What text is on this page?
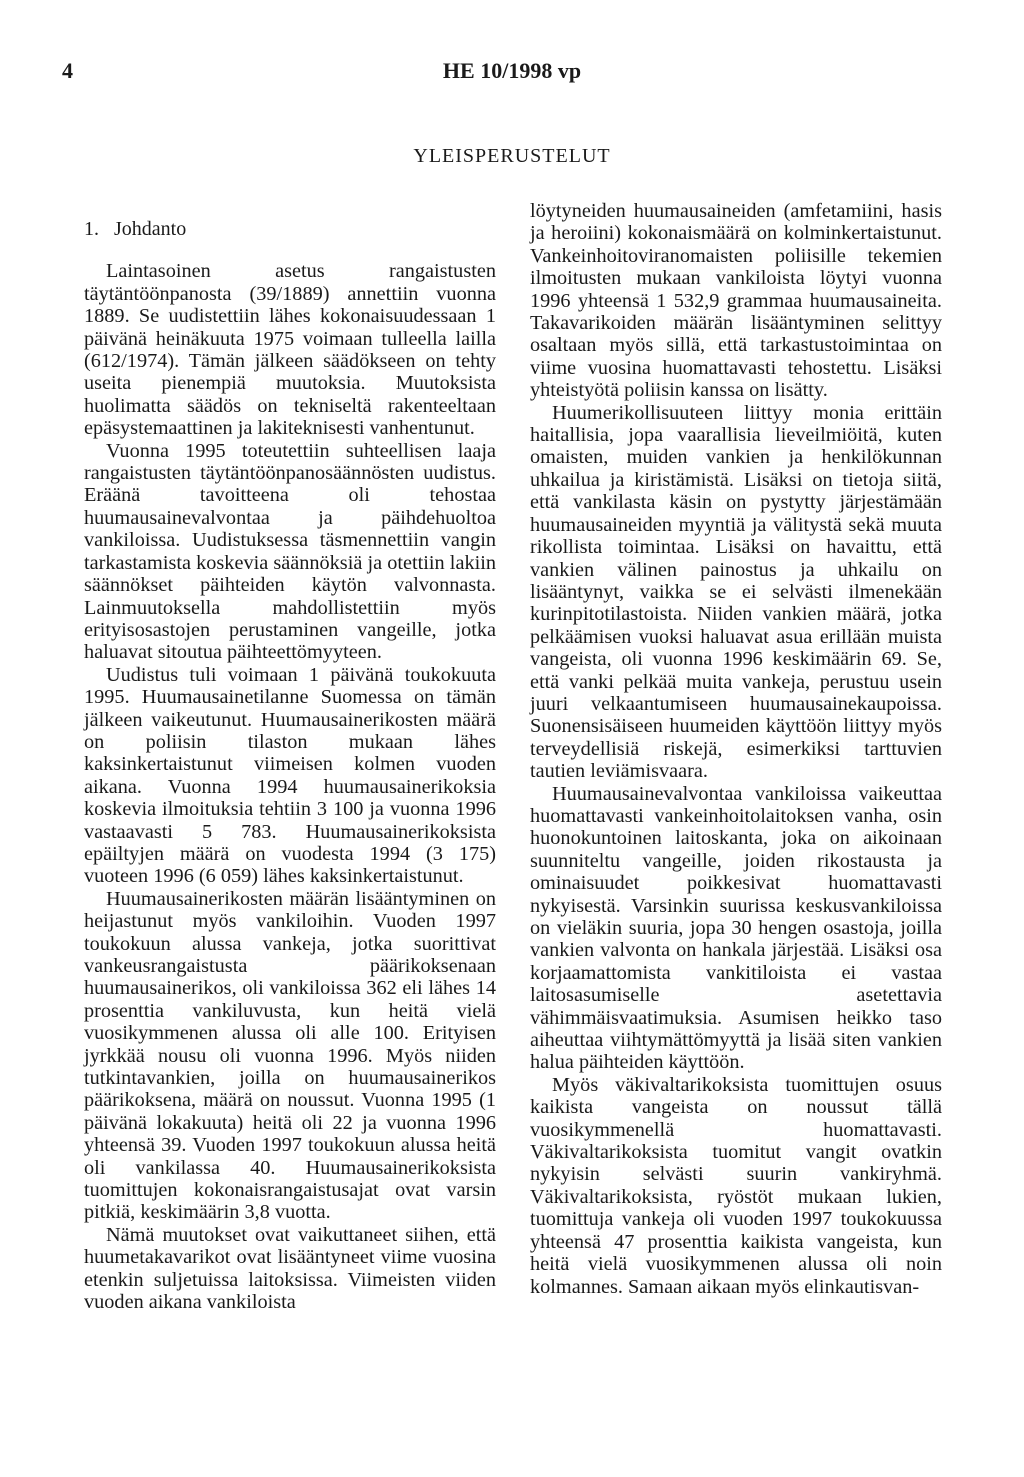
4	HE 10/1998 vp
YLEISPERUSTELUT
1. Johdanto

Laintasoinen asetus rangaistusten täytäntöönpanosta (39/1889) annettiin vuonna 1889. Se uudistettiin lähes kokonaisuudessaan 1 päivänä heinäkuuta 1975 voimaan tulleella lailla (612/1974). Tämän jälkeen säädökseen on tehty useita pienempiä muutoksia. Muutoksista huolimatta säädös on tekniseltä rakenteeltaan epäsystemaattinen ja lakiteknisesti vanhentunut.

Vuonna 1995 toteutettiin suhteellisen laaja rangaistusten täytäntöönpanosäännösten uudistus. Eräänä tavoitteena oli tehostaa huumausainevalvontaa ja päihdehuoltoa vankiloissa. Uudistuksessa täsmennettiin vangin tarkastamista koskevia säännöksiä ja otettiin lakiin säännökset päihteiden käytön valvonnasta. Lainmuutoksella mahdollistettiin myös erityisosastojen perustaminen vangeille, jotka haluavat sitoutua päihteettömyyteen.

Uudistus tuli voimaan 1 päivänä toukokuuta 1995. Huumausainetilanne Suomessa on tämän jälkeen vaikeutunut. Huumausainerikosten määrä on poliisin tilaston mukaan lähes kaksinkertaistunut viimeisen kolmen vuoden aikana. Vuonna 1994 huumausainerikoksia koskevia ilmoituksia tehtiin 3 100 ja vuonna 1996 vastaavasti 5 783. Huumausainerikoksista epäiltyjen määrä on vuodesta 1994 (3 175) vuoteen 1996 (6 059) lähes kaksinkertaistunut.

Huumausainerikosten määrän lisääntyminen on heijastunut myös vankiloihin. Vuoden 1997 toukokuun alussa vankeja, jotka suorittivat vankeusrangaistusta päärikoksenaan huumausainerikos, oli vankiloissa 362 eli lähes 14 prosenttia vankiluvusta, kun heitä vielä vuosikymmenen alussa oli alle 100. Erityisen jyrkkää nousu oli vuonna 1996. Myös niiden tutkintavankien, joilla on huumausainerikos päärikoksena, määrä on noussut. Vuonna 1995 (1 päivänä lokakuuta) heitä oli 22 ja vuonna 1996 yhteensä 39. Vuoden 1997 toukokuun alussa heitä oli vankilassa 40. Huumausainerikoksista tuomittujen kokonaisrangaistusajat ovat varsin pitkiä, keskimäärin 3,8 vuotta.

Nämä muutokset ovat vaikuttaneet siihen, että huumetakavarikot ovat lisääntyneet viime vuosina etenkin suljetuissa laitoksissa. Viimeisten viiden vuoden aikana vankiloista

löytyneiden huumausaineiden (amfetamiini, hasis ja heroiini) kokonaismäärä on kolminkertaistunut. Vankeinhoitoviranomaisten poliisille tekemien ilmoitusten mukaan vankiloista löytyi vuonna 1996 yhteensä 1 532,9 grammaa huumausaineita. Takavarikoiden määrän lisääntyminen selittyy osaltaan myös sillä, että tarkastustoimintaa on viime vuosina huomattavasti tehostettu. Lisäksi yhteistyötä poliisin kanssa on lisätty.

Huumerikollisuuteen liittyy monia erittäin haitallisia, jopa vaarallisia lieveilmiöitä, kuten omaisten, muiden vankien ja henkilökunnan uhkailua ja kiristämistä. Lisäksi on tietoja siitä, että vankilasta käsin on pystytty järjestämään huumausaineiden myyntiä ja välitystä sekä muuta rikollista toimintaa. Lisäksi on havaittu, että vankien välinen painostus ja uhkailu on lisääntynyt, vaikka se ei selvästi ilmenekään kurinpitotilastoista. Niiden vankien määrä, jotka pelkäämisen vuoksi haluavat asua erillään muista vangeista, oli vuonna 1996 keskimäärin 69. Se, että vanki pelkää muita vankeja, perustuu usein juuri velkaantumiseen huumausainekaupoissa. Suonensisäiseen huumeiden käyttöön liittyy myös terveydellisiä riskejä, esimerkiksi tarttuvien tautien leviämisvaara.

Huumausainevalvontaa vankiloissa vaikeuttaa huomattavasti vankeinhoitolaitoksen vanha, osin huonokuntoinen laitoskanta, joka on aikoinaan suunniteltu vangeille, joiden rikostausta ja ominaisuudet poikkesivat huomattavasti nykyisestä. Varsinkin suurissa keskusvankiloissa on vieläkin suuria, jopa 30 hengen osastoja, joilla vankien valvonta on hankala järjestää. Lisäksi osa korjaamattomista vankitiloista ei vastaa laitosasumiselle asetettavia vähimmäisvaatimuksia. Asumisen heikko taso aiheuttaa viihtymättömyyttä ja lisää siten vankien halua päihteiden käyttöön.

Myös väkivaltarikoksista tuomittujen osuus kaikista vangeista on noussut tällä vuosikymmenellä huomattavasti. Väkivaltarikoksista tuomitut vangit ovatkin nykyisin selvästi suurin vankiryhmä. Väkivaltarikoksista, ryöstöt mukaan lukien, tuomittuja vankeja oli vuoden 1997 toukokuussa yhteensä 47 prosenttia kaikista vangeista, kun heitä vielä vuosikymmenen alussa oli noin kolmannes. Samaan aikaan myös elinkautisvan-
